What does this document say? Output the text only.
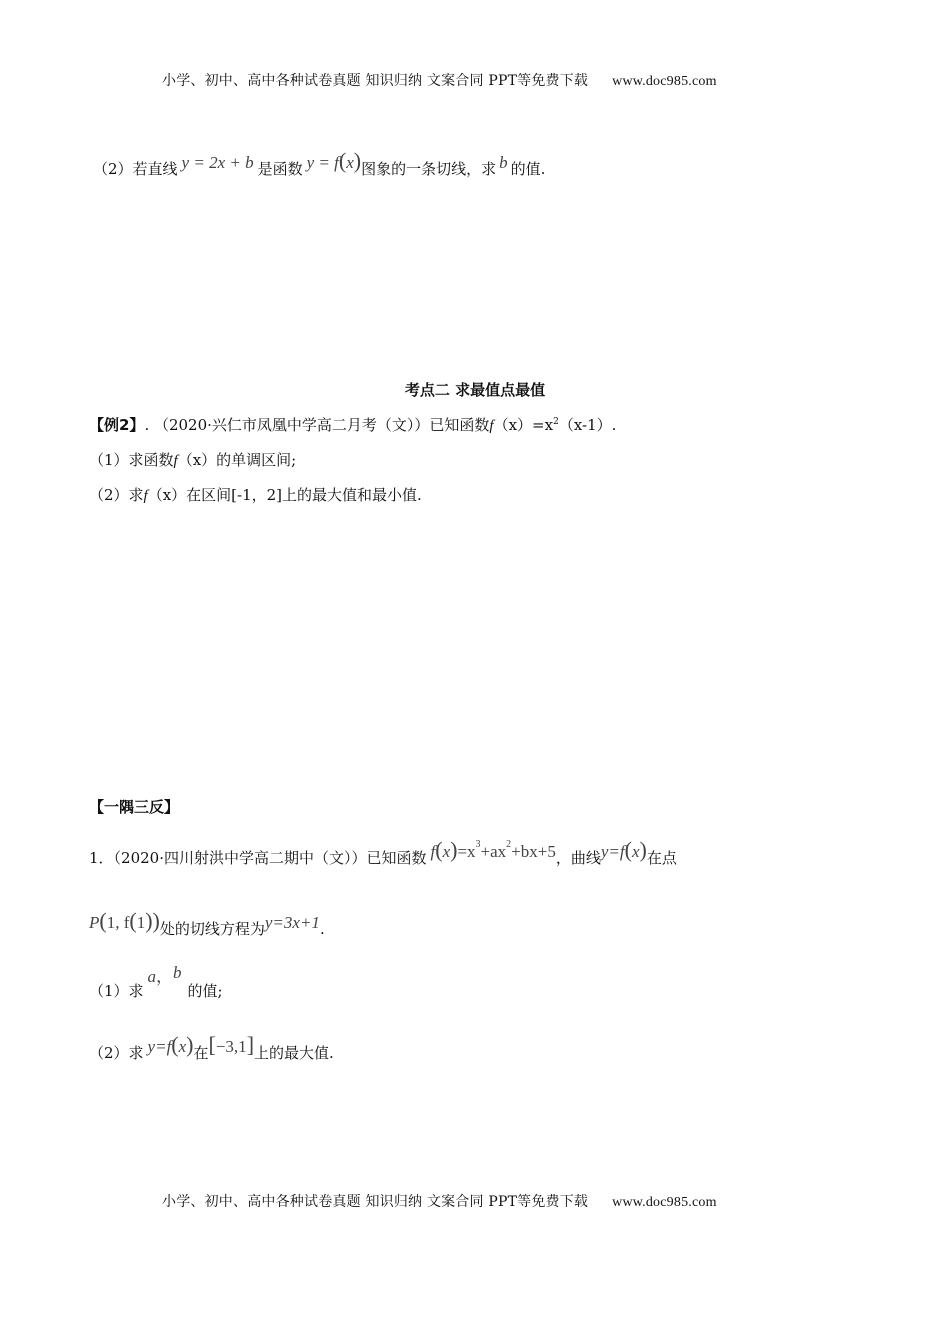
小学、初中、高中各种试卷真题 知识归纳 文案合同 PPT等免费下载 www.doc985.com
（2）若直线 y = 2x + b 是函数 y = f(x)图象的一条切线，求 b 的值.
考点二 求最值点最值
【例2】. （2020·兴仁市凤凰中学高二月考（文））已知函数$f(x)=x^2(x-1)$.
（1）求函数f（x）的单调区间;
（2）求f（x）在区间[-1，2]上的最大值和最小值.
【一隅三反】
1．（2020·四川射洪中学高二期中（文））已知函数 $f(x)=x^3+ax^2+bx+5$，曲线y=f(x)在点
P(1, f(1))处的切线方程为y=3x+1.
（1）求a，b的值;
（2）求 y=f(x)在[−3,1]上的最大值.
小学、初中、高中各种试卷真题 知识归纳 文案合同 PPT等免费下载 www.doc985.com
